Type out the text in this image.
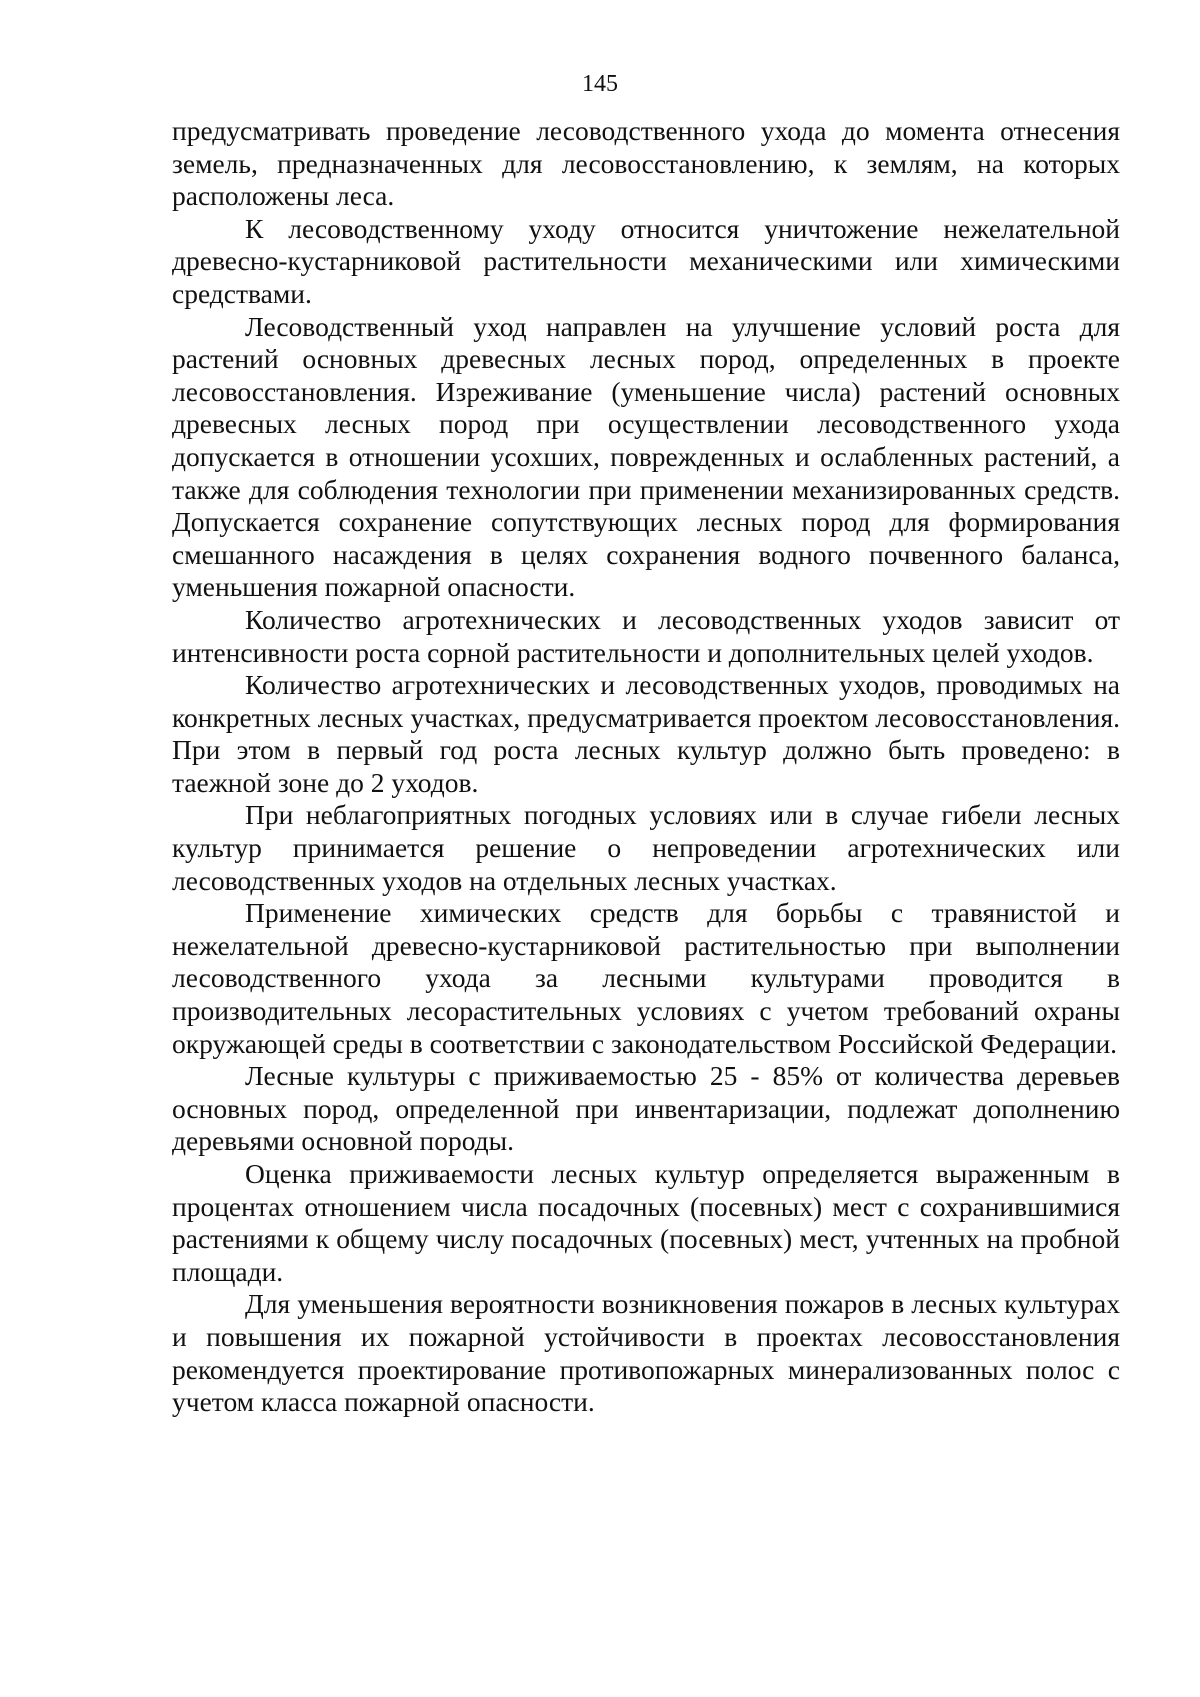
145

предусматривать проведение лесоводственного ухода до момента отнесения земель, предназначенных для лесовосстановлению, к землям, на которых расположены леса.

К лесоводственному уходу относится уничтожение нежелательной древесно-кустарниковой растительности механическими или химическими средствами.

Лесоводственный уход направлен на улучшение условий роста для растений основных древесных лесных пород, определенных в проекте лесовосстановления. Изреживание (уменьшение числа) растений основных древесных лесных пород при осуществлении лесоводственного ухода допускается в отношении усохших, поврежденных и ослабленных растений, а также для соблюдения технологии при применении механизированных средств. Допускается сохранение сопутствующих лесных пород для формирования смешанного насаждения в целях сохранения водного почвенного баланса, уменьшения пожарной опасности.

Количество агротехнических и лесоводственных уходов зависит от интенсивности роста сорной растительности и дополнительных целей уходов.

Количество агротехнических и лесоводственных уходов, проводимых на конкретных лесных участках, предусматривается проектом лесовосстановления. При этом в первый год роста лесных культур должно быть проведено: в таежной зоне до 2 уходов.

При неблагоприятных погодных условиях или в случае гибели лесных культур принимается решение о непроведении агротехнических или лесоводственных уходов на отдельных лесных участках.

Применение химических средств для борьбы с травянистой и нежелательной древесно-кустарниковой растительностью при выполнении лесоводственного ухода за лесными культурами проводится в производительных лесорастительных условиях с учетом требований охраны окружающей среды в соответствии с законодательством Российской Федерации.

Лесные культуры с приживаемостью 25 - 85% от количества деревьев основных пород, определенной при инвентаризации, подлежат дополнению деревьями основной породы.

Оценка приживаемости лесных культур определяется выраженным в процентах отношением числа посадочных (посевных) мест с сохранившимися растениями к общему числу посадочных (посевных) мест, учтенных на пробной площади.

Для уменьшения вероятности возникновения пожаров в лесных культурах и повышения их пожарной устойчивости в проектах лесовосстановления рекомендуется проектирование противопожарных минерализованных полос с учетом класса пожарной опасности.
